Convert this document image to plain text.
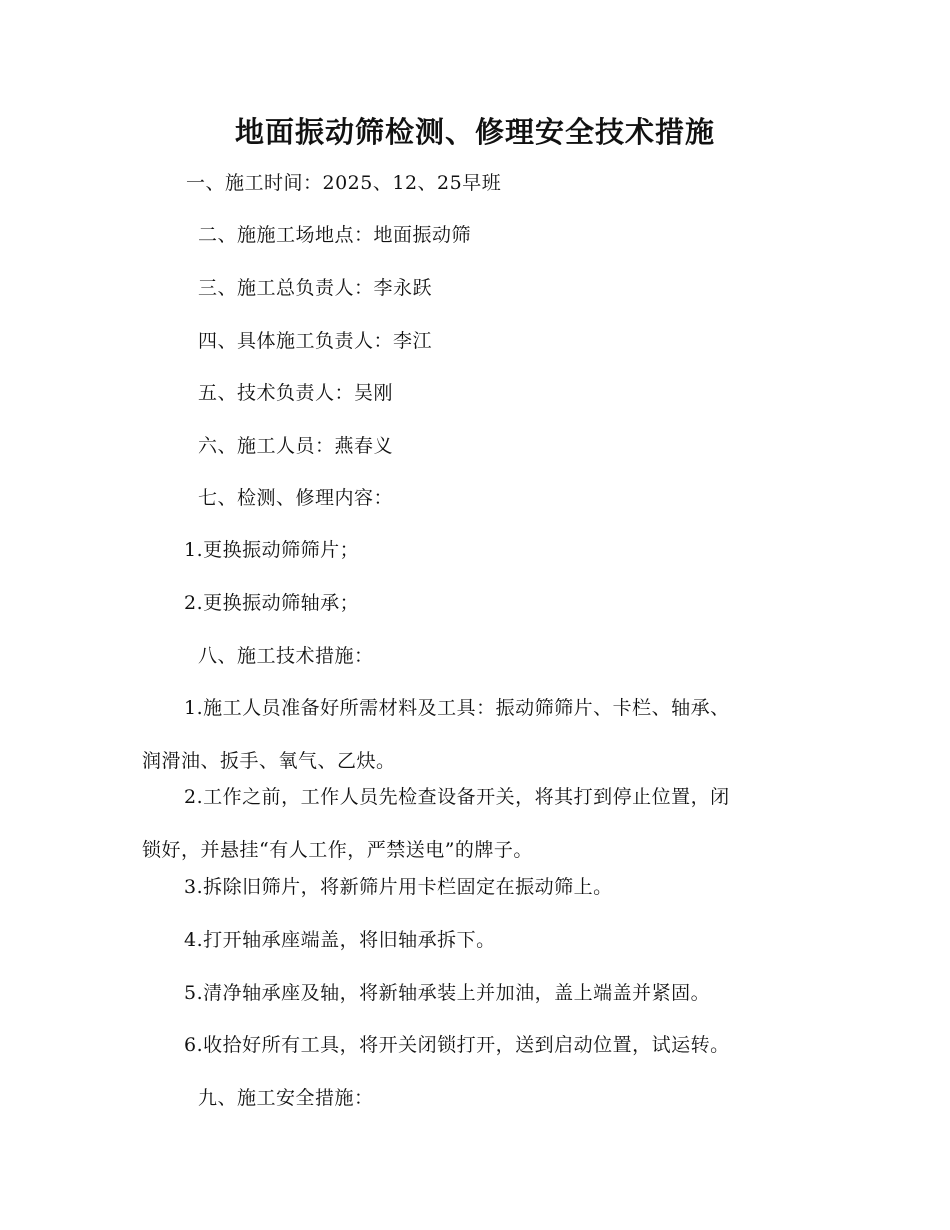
地面振动筛检测、修理安全技术措施
一、施工时间：2025、12、25早班
二、施施工场地点：地面振动筛
三、施工总负责人：李永跃
四、具体施工负责人：李江
五、技术负责人：吴刚
六、施工人员：燕春义
七、检测、修理内容：
1.更换振动筛筛片；
2.更换振动筛轴承；
八、施工技术措施：
1.施工人员准备好所需材料及工具：振动筛筛片、卡栏、轴承、
润滑油、扳手、氧气、乙炔。
2.工作之前，工作人员先检查设备开关，将其打到停止位置，闭
锁好，并悬挂“有人工作，严禁送电”的牌子。
3.拆除旧筛片，将新筛片用卡栏固定在振动筛上。
4.打开轴承座端盖，将旧轴承拆下。
5.清净轴承座及轴，将新轴承装上并加油，盖上端盖并紧固。
6.收拾好所有工具，将开关闭锁打开，送到启动位置，试运转。
九、施工安全措施：
